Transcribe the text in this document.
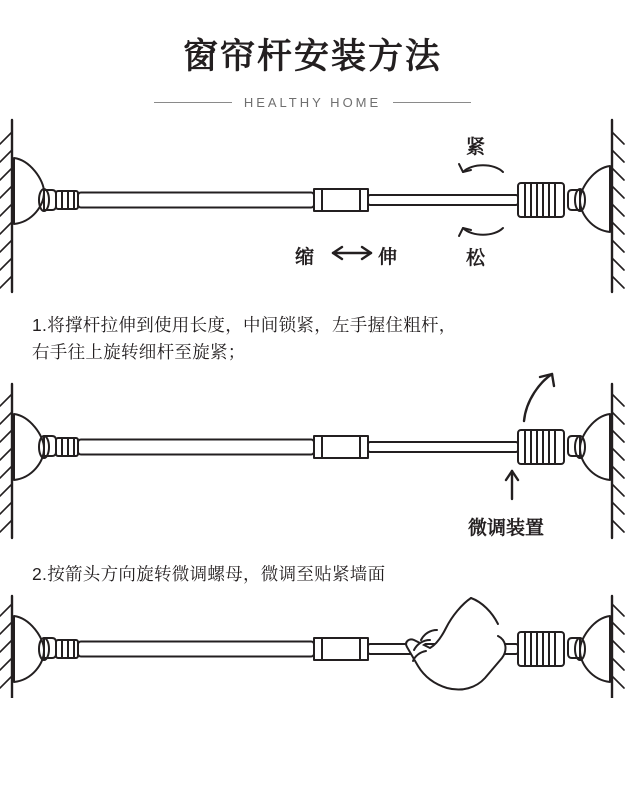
窗帘杆安装方法
HEALTHY HOME
紧
松
缩	伸
1.将撑杆拉伸到使用长度，中间锁紧，左手握住粗杆，
右手往上旋转细杆至旋紧；
微调装置
2.按箭头方向旋转微调螺母，微调至贴紧墙面
